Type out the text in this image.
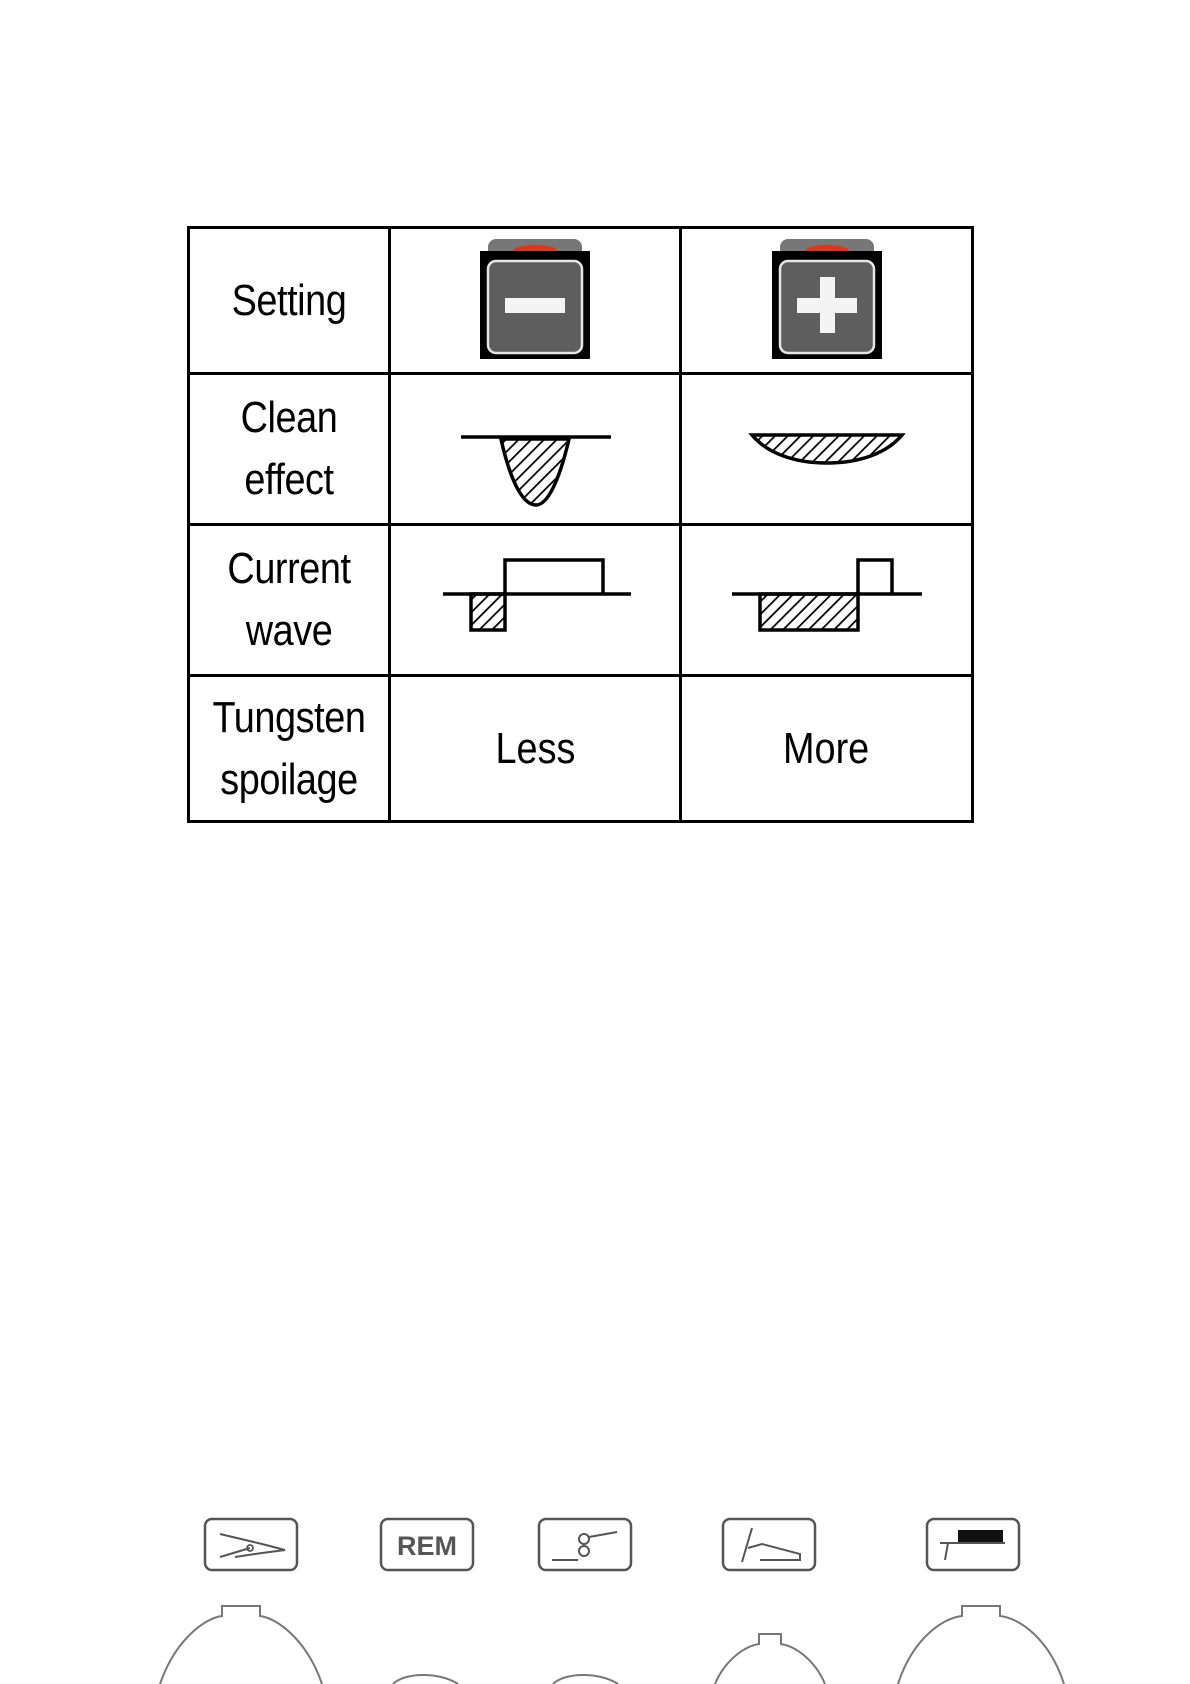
Setting

Clean
effect

Current
wave

Tungsten
spoilage	Less	More
REM
